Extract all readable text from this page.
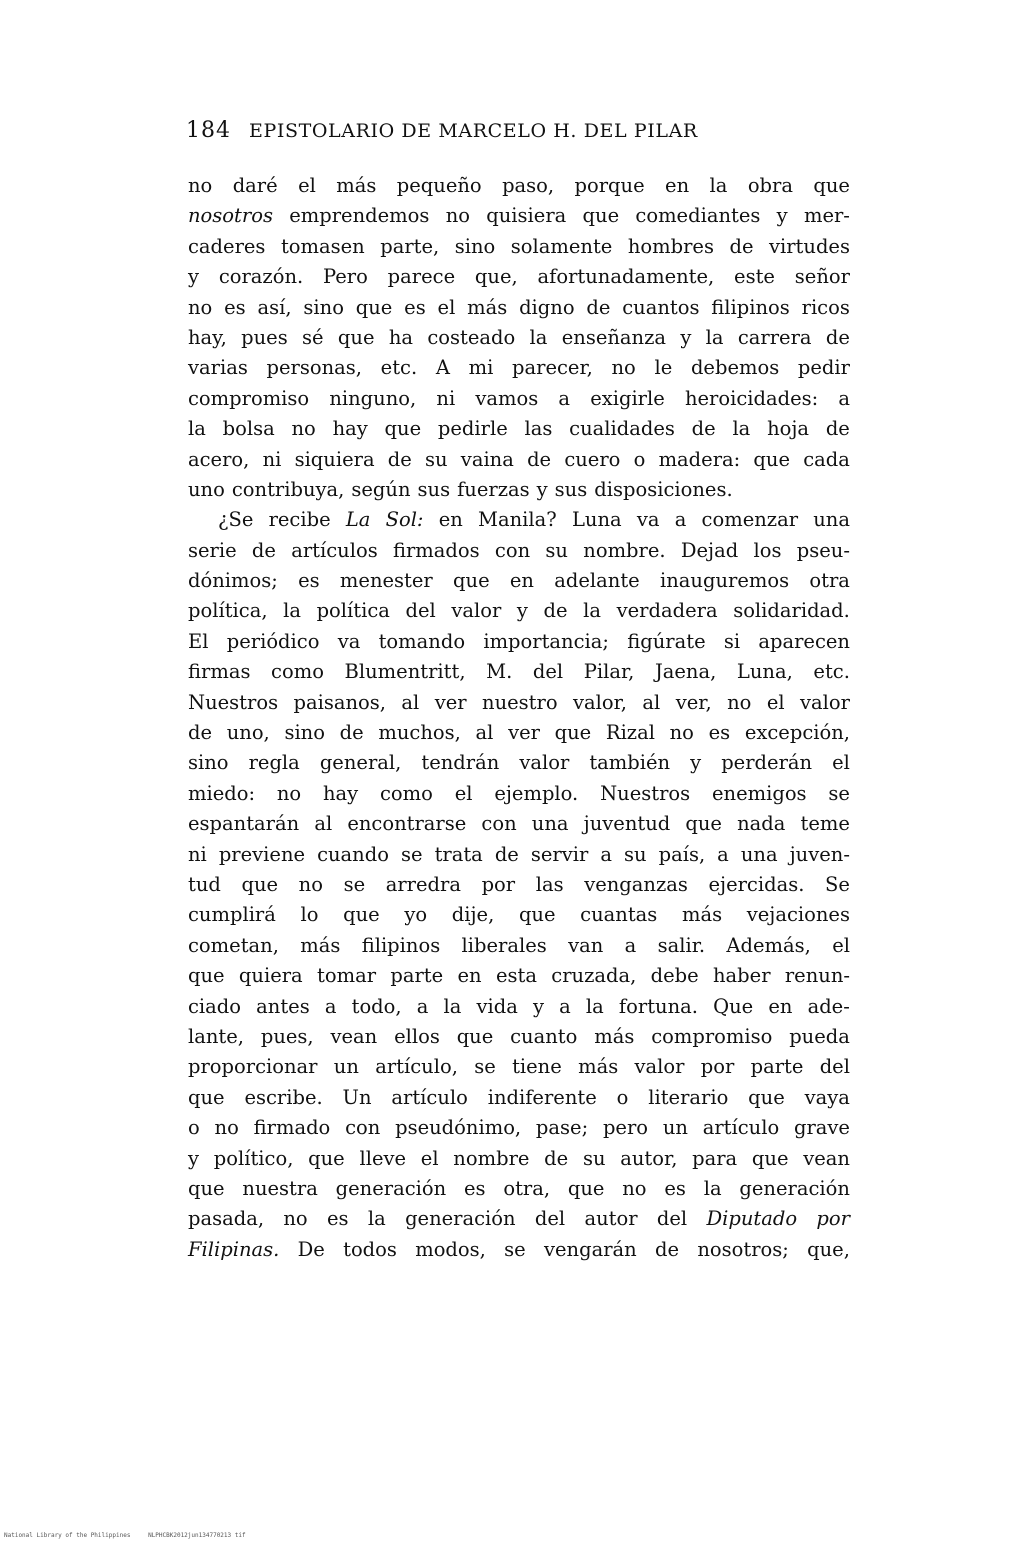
184 EPISTOLARIO DE MARCELO H. DEL PILAR
no daré el más pequeño paso, porque en la obra que
nosotros emprendemos no quisiera que comediantes y mer-
caderes tomasen parte, sino solamente hombres de virtudes
y corazón. Pero parece que, afortunadamente, este señor
no es así, sino que es el más digno de cuantos filipinos ricos
hay, pues sé que ha costeado la enseñanza y la carrera de
varias personas, etc. A mi parecer, no le debemos pedir
compromiso ninguno, ni vamos a exigirle heroicidades: a
la bolsa no hay que pedirle las cualidades de la hoja de
acero, ni siquiera de su vaina de cuero o madera: que cada
uno contribuya, según sus fuerzas y sus disposiciones.
¿Se recibe La Sol: en Manila? Luna va a comenzar una
serie de artículos firmados con su nombre. Dejad los pseu-
dónimos; es menester que en adelante inauguremos otra
política, la política del valor y de la verdadera solidaridad.
El periódico va tomando importancia; figúrate si aparecen
firmas como Blumentritt, M. del Pilar, Jaena, Luna, etc.
Nuestros paisanos, al ver nuestro valor, al ver, no el valor
de uno, sino de muchos, al ver que Rizal no es excepción,
sino regla general, tendrán valor también y perderán el
miedo: no hay como el ejemplo. Nuestros enemigos se
espantarán al encontrarse con una juventud que nada teme
ni previene cuando se trata de servir a su país, a una juven-
tud que no se arredra por las venganzas ejercidas. Se
cumplirá lo que yo dije, que cuantas más vejaciones
cometan, más filipinos liberales van a salir. Además, el
que quiera tomar parte en esta cruzada, debe haber renun-
ciado antes a todo, a la vida y a la fortuna. Que en ade-
lante, pues, vean ellos que cuanto más compromiso pueda
proporcionar un artículo, se tiene más valor por parte del
que escribe. Un artículo indiferente o literario que vaya
o no firmado con pseudónimo, pase; pero un artículo grave
y político, que lleve el nombre de su autor, para que vean
que nuestra generación es otra, que no es la generación
pasada, no es la generación del autor del Diputado por
Filipinas. De todos modos, se vengarán de nosotros; que,
National Library of the Philippines	NLPHCBK2012jun134770213 tif
